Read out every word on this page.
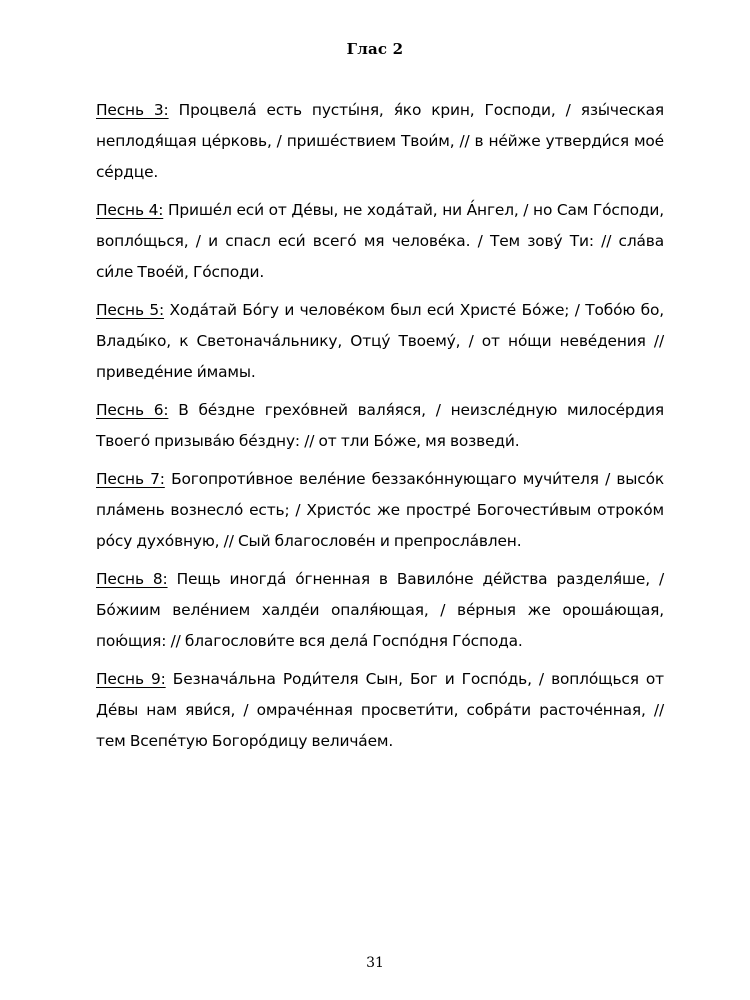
Глас 2

Песнь 3: Процвела́ есть пусты́ня, я́ко крин, Господи, / язы́ческая неплодя́щая це́рковь, / прише́ствием Твои́м, // в не́йже утверди́ся мое́ се́рдце.

Песнь 4: Прише́л еси́ от Де́вы, не хода́тай, ни А́нгел, / но Сам Го́споди, вопло́щься, / и спасл еси́ всего́ мя челове́ка. / Тем зову́ Ти: // сла́ва си́ле Твое́й, Го́споди.

Песнь 5: Хода́тай Бо́гу и челове́ком был еси́ Христе́ Бо́же; / Тобо́ю бо, Влады́ко, к Светонача́льнику, Отцу́ Твоему́, / от но́щи неве́дения // приведе́ние и́мамы.

Песнь 6: В бе́здне грехо́вней валя́яся, / неизсле́дную милосе́рдия Твоего́ призыва́ю бе́здну: // от тли Бо́же, мя возведи́.

Песнь 7: Богопроти́вное веле́ние беззако́ннующаго мучи́теля / высо́к пла́мень вознесло́ есть; / Христо́с же простре́ Богочести́вым отроко́м ро́су духо́вную, // Сый благослове́н и препросла́влен.

Песнь 8: Пещь иногда́ о́гненная в Вавило́не де́йства разделя́ше, / Бо́жиим веле́нием халде́и опаля́ющая, / ве́рныя же ороша́ющая, пою́щия: // благослови́те вся дела́ Госпо́дня Го́спода.

Песнь 9: Безнача́льна Роди́теля Сын, Бог и Госпо́дь, / вопло́щься от Де́вы нам яви́ся, / омраче́нная просвети́ти, собра́ти расточе́нная, // тем Всепе́тую Богоро́дицу велича́ем.

31
